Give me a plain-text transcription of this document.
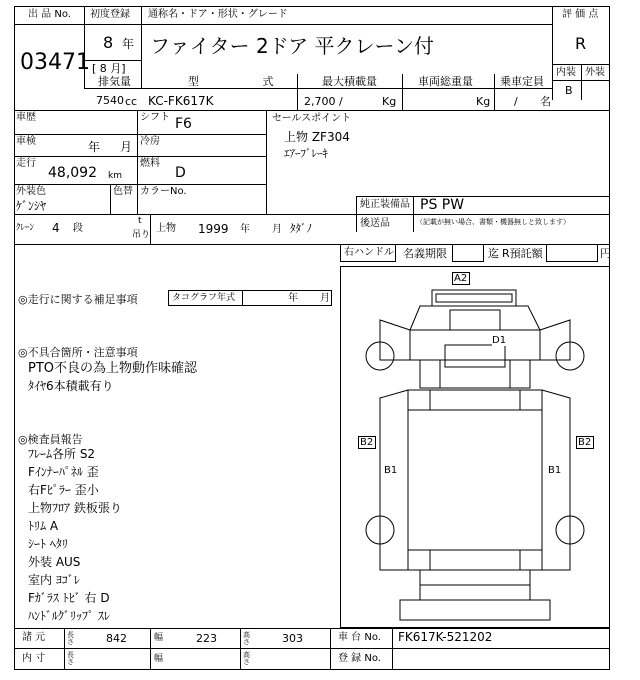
出 品 No.
03471
初度登録
8 年
[ 8 月]
通称名・ドア・形状・グレード
ファイター 2ドア 平クレーン付
評 価 点
R
内装 外装
B
排気量
7540 cc
型 式
KC-FK617K
最大積載量
2,700 /	Kg
車両総重量
Kg
乗車定員
/ 名
車歴	シフト F6
車検	年 月 冷房
走行
48,092 km
燃料
D
外装色
ｹﾞﾝｼﾔ
色替 カラーNo.
セールスポイント
上物 ZF304
ｴｱｰﾌﾞﾚｰｷ
純正装備品 PS PW
後送品	（記載が無い場合、書類・機器無しと致します）
ｸﾚｰﾝ 4 段
t
吊り
上物 1999 年 月 ﾀﾀﾞﾉ
右ハンドル 名義期限	迄 R預託額	円
◎走行に関する補足事項	タコグラフ年式	年 月
◎不具合箇所・注意事項
PTO不良の為上物動作味確認
ﾀｲﾔ6本積載有り
◎検査員報告
ﾌﾚｰﾑ各所 S2
Fｲﾝﾅｰﾊﾟﾈﾙ 歪
右Fﾋﾟﾗｰ 歪小
上物ﾌﾛｱ 鉄板張り
ﾄﾘﾑ A
ｼｰﾄ ﾍﾀﾘ
外装 AUS
室内 ﾖｺﾞﾚ
Fｶﾞﾗｽ ﾄﾋﾞ 右 D
ﾊﾝﾄﾞﾙｸﾞﾘｯﾌﾟ ｽﾚ
A2
D1
B2	B2
B1	B1
諸 元	長さ	842	幅	223	高さ	303	車 台 No. FK617K-521202
内 寸	長さ	幅	高さ	登 録 No.
